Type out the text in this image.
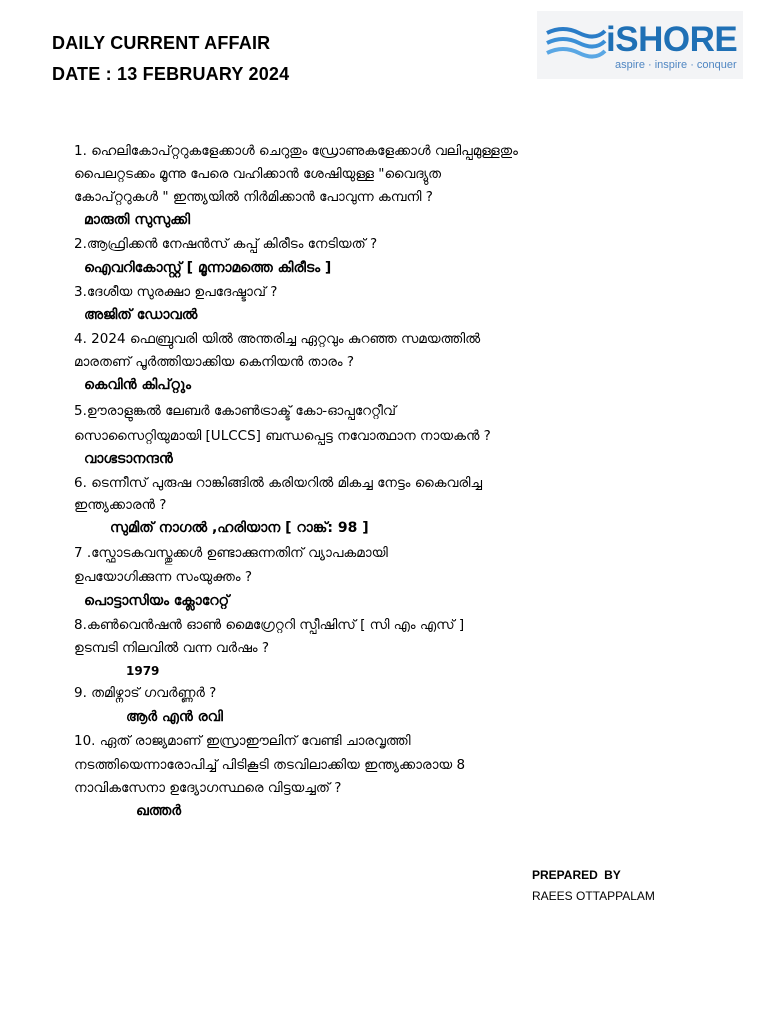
DAILY CURRENT AFFAIR
DATE : 13 FEBRUARY 2024
iSHORE
aspire · inspire · conquer
1. ഹെലികോപ്റ്ററുകളേക്കാൾ ചെറുതും ഡ്രോണുകളേക്കാൾ വലിപ്പമുള്ളതും
പൈലറ്റടക്കം മൂന്നു പേരെ വഹിക്കാൻ ശേഷിയുള്ള "വൈദ്യുത
കോപ്റ്ററുകൾ " ഇന്ത്യയിൽ നിർമിക്കാൻ പോവുന്ന കമ്പനി ?
മാരുതി സുസുക്കി
2.ആഫ്രിക്കൻ നേഷൻസ് കപ്പ് കിരീടം നേടിയത് ?
ഐവറികോസ്റ്റ് [ മൂന്നാമത്തെ കിരീടം ]
3.ദേശീയ സുരക്ഷാ ഉപദേഷ്ടാവ് ?
അജിത് ഡോവൽ
4. 2024 ഫെബ്രുവരി യിൽ അന്തരിച്ച ഏറ്റവും കുറഞ്ഞ സമയത്തിൽ
മാരതണ് പൂർത്തിയാക്കിയ കെനിയൻ താരം ?
കെവിൻ കിപ്റ്റും
5.ഊരാളുങ്കൽ ലേബർ കോൺട്രാക്ട് കോ-ഓപ്പറേറ്റീവ്
സൊസൈറ്റിയുമായി [ULCCS] ബന്ധപ്പെട്ട നവോത്ഥാന നായകൻ ?
വാഗ്ഭടാനന്ദൻ
6. ടെന്നീസ് പുരുഷ റാങ്കിങ്ങിൽ കരിയറിൽ മികച്ച നേട്ടം കൈവരിച്ച
ഇന്ത്യക്കാരൻ ?
സുമിത് നാഗൽ ,ഹരിയാന [ റാങ്ക്: 98 ]
7 .സ്ഫോടകവസ്തുക്കൾ ഉണ്ടാക്കുന്നതിന് വ്യാപകമായി
ഉപയോഗിക്കുന്ന സംയുക്തം ?
പൊട്ടാസിയം ക്ലോറേറ്റ്
8.കൺവെൻഷൻ ഓൺ മൈഗ്രേറ്ററി സ്പീഷിസ് [ സി എം എസ് ]
ഉടമ്പടി നിലവിൽ വന്ന വർഷം ?
1979
9. തമിഴ്നാട് ഗവർണ്ണർ ?
ആർ എൻ രവി
10. ഏത് രാജ്യമാണ് ഇസ്രാഈലിന് വേണ്ടി ചാരവൃത്തി
നടത്തിയെന്നാരോപിച്ച് പിടികൂടി തടവിലാക്കിയ ഇന്ത്യക്കാരായ 8
നാവികസേനാ ഉദ്യോഗസ്ഥരെ വിട്ടയച്ചത് ?
ഖത്തർ
PREPARED BY
RAEES OTTAPPALAM
